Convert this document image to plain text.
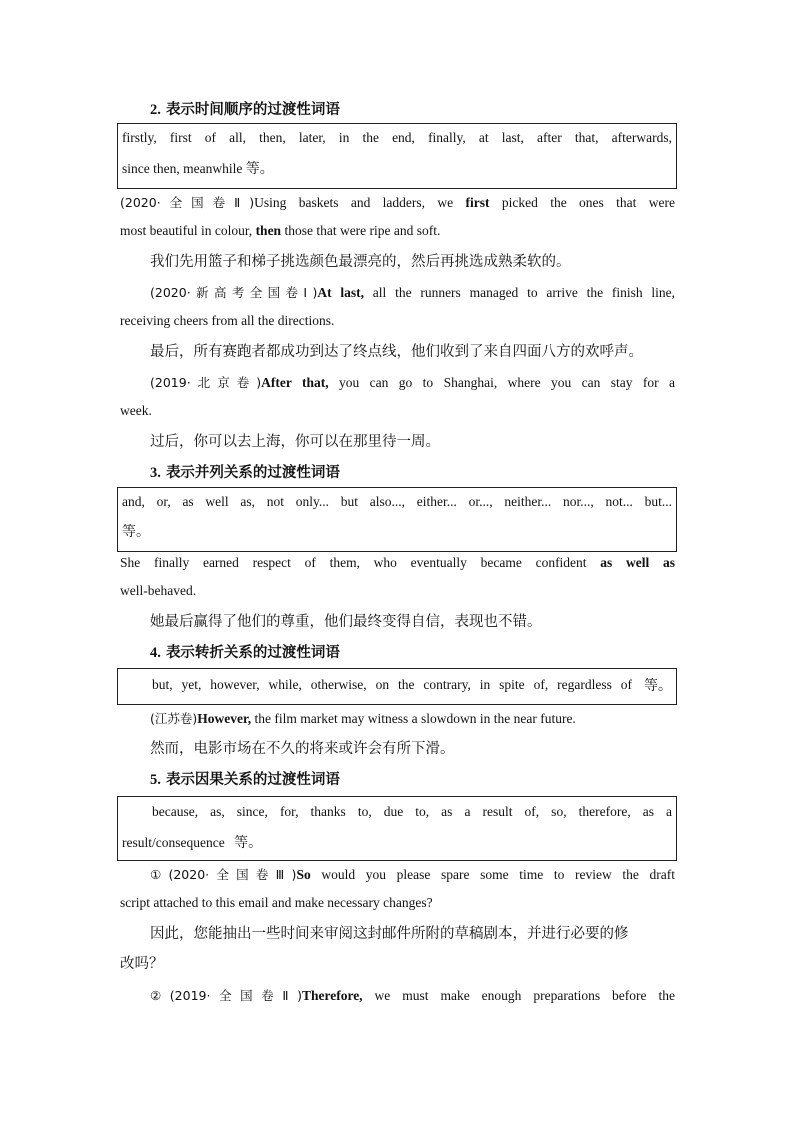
2. 表示时间顺序的过渡性词语
firstly, first of all, then, later, in the end, finally, at last, after that, afterwards,
since then, meanwhile 等。
(2020·全国卷Ⅱ)Using baskets and ladders, we first picked the ones that were
most beautiful in colour, then those that were ripe and soft.
我们先用篮子和梯子挑选颜色最漂亮的，然后再挑选成熟柔软的。
(2020·新高考全国卷Ⅰ)At last, all the runners managed to arrive the finish line,
receiving cheers from all the directions.
最后，所有赛跑者都成功到达了终点线，他们收到了来自四面八方的欢呼声。
(2019·北京卷)After that, you can go to Shanghai, where you can stay for a
week.
过后，你可以去上海，你可以在那里待一周。
3. 表示并列关系的过渡性词语
and, or, as well as, not only... but also..., either... or..., neither... nor..., not... but...
等。
She finally earned respect of them, who eventually became confident as well as
well-behaved.
她最后赢得了他们的尊重，他们最终变得自信，表现也不错。
4. 表示转折关系的过渡性词语
but, yet, however, while, otherwise, on the contrary, in spite of, regardless of 等。
(江苏卷)However, the film market may witness a slowdown in the near future.
然而，电影市场在不久的将来或许会有所下滑。
5. 表示因果关系的过渡性词语
because, as, since, for, thanks to, due to, as a result of, so, therefore, as a
result/consequence 等。
①(2020·全国卷Ⅲ)So would you please spare some time to review the draft
script attached to this email and make necessary changes?
因此，您能抽出一些时间来审阅这封邮件所附的草稿剧本，并进行必要的修
改吗？
②(2019·全国卷Ⅱ)Therefore, we must make enough preparations before the
